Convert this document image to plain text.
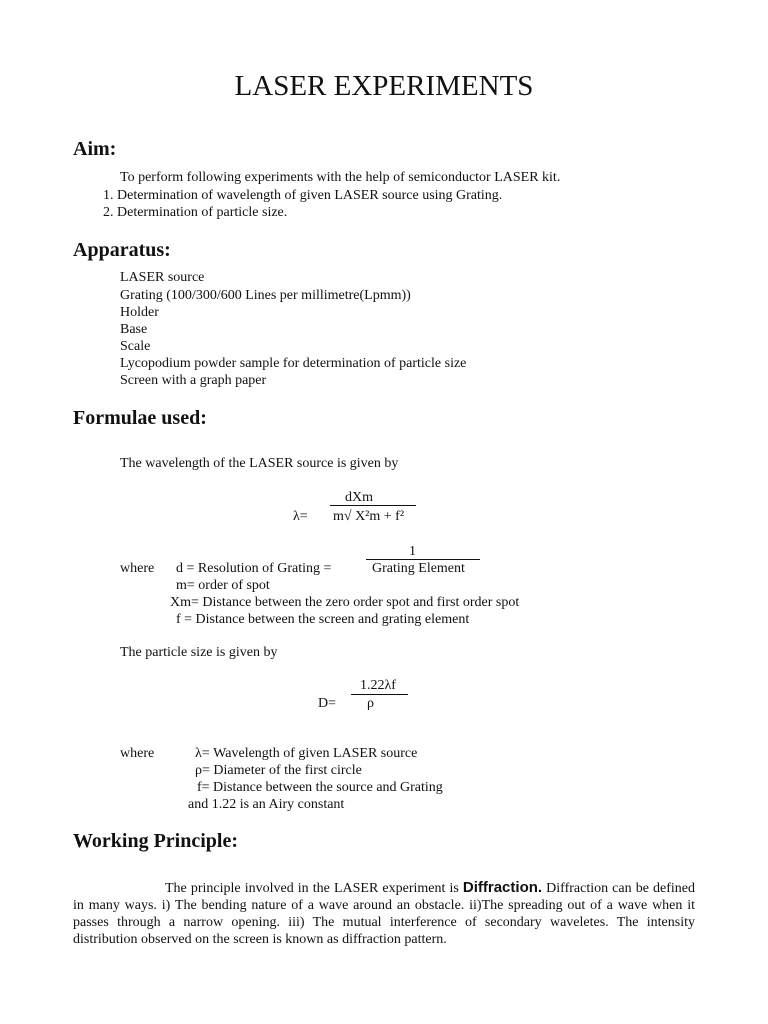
LASER EXPERIMENTS
Aim:
To perform following experiments with the help of semiconductor LASER kit.
1. Determination of wavelength of given LASER source using Grating.
2. Determination of particle size.
Apparatus:
LASER source
Grating (100/300/600 Lines per millimetre(Lpmm))
Holder
Base
Scale
Lycopodium powder sample for determination of particle size
Screen with a graph paper
Formulae used:
The wavelength of the LASER source is given by
dXm
λ= m√ X²m + f²
1
where d = Resolution of Grating =	Grating Element
m= order of spot
Xm= Distance between the zero order spot and first order spot
f = Distance between the screen and grating element
The particle size is given by
1.22λf
D= ρ
where	λ= Wavelength of given LASER source
ρ= Diameter of the first circle
f= Distance between the source and Grating
and 1.22 is an Airy constant
Working Principle:
The principle involved in the LASER experiment is Diffraction. Diffraction can be defined in many ways. i) The bending nature of a wave around an obstacle. ii)The spreading out of a wave when it passes through a narrow opening. iii) The mutual interference of secondary waveletes. The intensity distribution observed on the screen is known as diffraction pattern.
